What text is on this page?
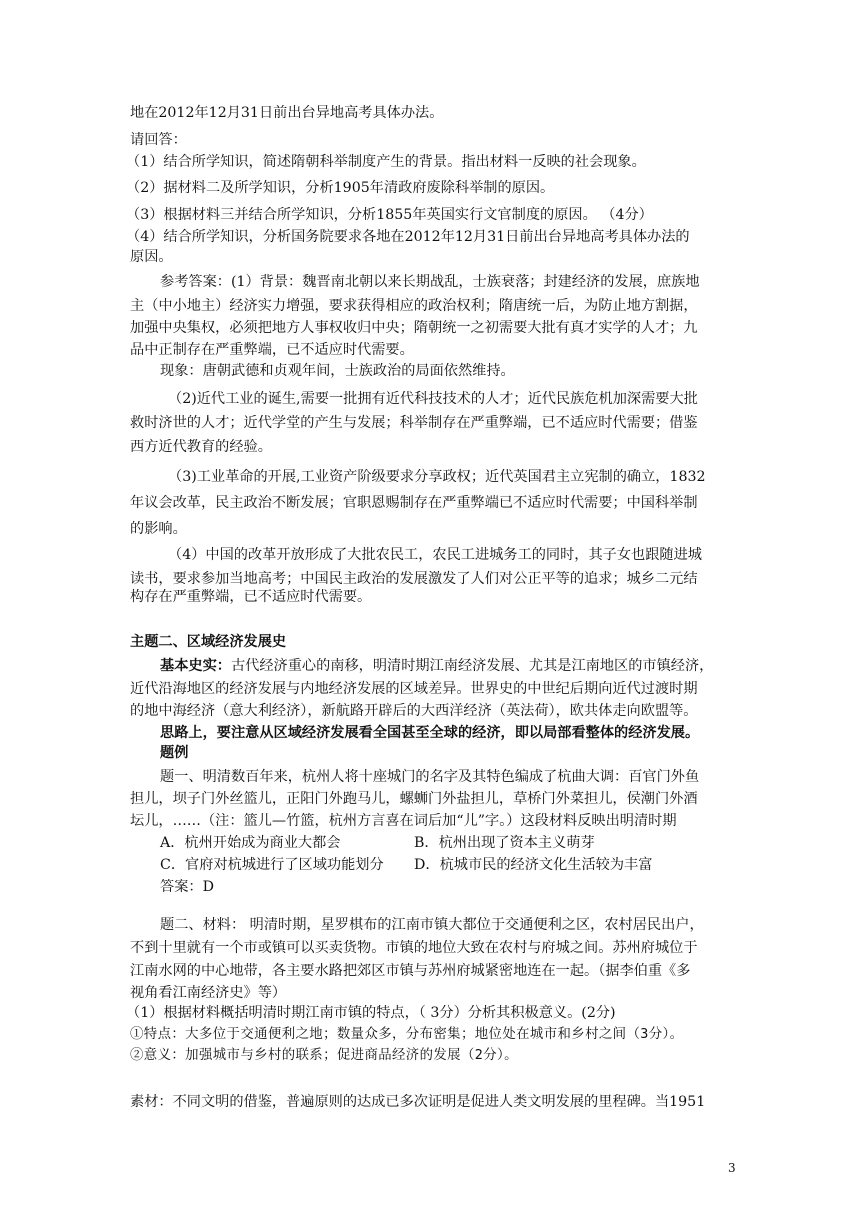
地在2012年12月31日前出台异地高考具体办法。
请回答：
（1）结合所学知识，简述隋朝科举制度产生的背景。指出材料一反映的社会现象。
（2）据材料二及所学知识，分析1905年清政府废除科举制的原因。
（3）根据材料三并结合所学知识，分析1855年英国实行文官制度的原因。 （4分）
（4）结合所学知识，分析国务院要求各地在2012年12月31日前出台异地高考具体办法的
原因。
参考答案：(1）背景：魏晋南北朝以来长期战乱，士族衰落；封建经济的发展，庶族地
主（中小地主）经济实力增强，要求获得相应的政治权利；隋唐统一后，为防止地方割据，
加强中央集权，必须把地方人事权收归中央；隋朝统一之初需要大批有真才实学的人才；九
品中正制存在严重弊端，已不适应时代需要。
现象：唐朝武德和贞观年间，士族政治的局面依然维持。
（2)近代工业的诞生,需要一批拥有近代科技技术的人才；近代民族危机加深需要大批
救时济世的人才；近代学堂的产生与发展；科举制存在严重弊端，已不适应时代需要；借鉴
西方近代教育的经验。
（3)工业革命的开展,工业资产阶级要求分享政权；近代英国君主立宪制的确立，1832
年议会改革，民主政治不断发展；官职恩赐制存在严重弊端已不适应时代需要；中国科举制
的影响。
（4）中国的改革开放形成了大批农民工，农民工进城务工的同时，其子女也跟随进城
读书，要求参加当地高考；中国民主政治的发展激发了人们对公正平等的追求；城乡二元结
构存在严重弊端，已不适应时代需要。
主题二、区域经济发展史
基本史实：古代经济重心的南移，明清时期江南经济发展、尤其是江南地区的市镇经济，
近代沿海地区的经济发展与内地经济发展的区域差异。世界史的中世纪后期向近代过渡时期
的地中海经济（意大利经济），新航路开辟后的大西洋经济（英法荷），欧共体走向欧盟等。
思路上，要注意从区域经济发展看全国甚至全球的经济，即以局部看整体的经济发展。
题例
题一、明清数百年来，杭州人将十座城门的名字及其特色编成了杭曲大调：百官门外鱼
担儿，坝子门外丝篮儿，正阳门外跑马儿，螺蛳门外盐担儿，草桥门外菜担儿，侯潮门外酒
坛儿，……（注：篮儿—竹篮，杭州方言喜在词后加“儿”字。）这段材料反映出明清时期
A．杭州开始成为商业大都会	B．杭州出现了资本主义萌芽
C．官府对杭城进行了区域功能划分 D．杭城市民的经济文化生活较为丰富
答案：D
题二、材料： 明清时期，星罗棋布的江南市镇大都位于交通便利之区，农村居民出户，
不到十里就有一个市或镇可以买卖货物。市镇的地位大致在农村与府城之间。苏州府城位于
江南水网的中心地带，各主要水路把郊区市镇与苏州府城紧密地连在一起。（据李伯重《多
视角看江南经济史》等）
（1）根据材料概括明清时期江南市镇的特点，（ 3分）分析其积极意义。(2分)
①特点：大多位于交通便利之地；数量众多，分布密集；地位处在城市和乡村之间（3分）。
②意义：加强城市与乡村的联系；促进商品经济的发展（2分）。
素材：不同文明的借鉴，普遍原则的达成已多次证明是促进人类文明发展的里程碑。当1951
3
